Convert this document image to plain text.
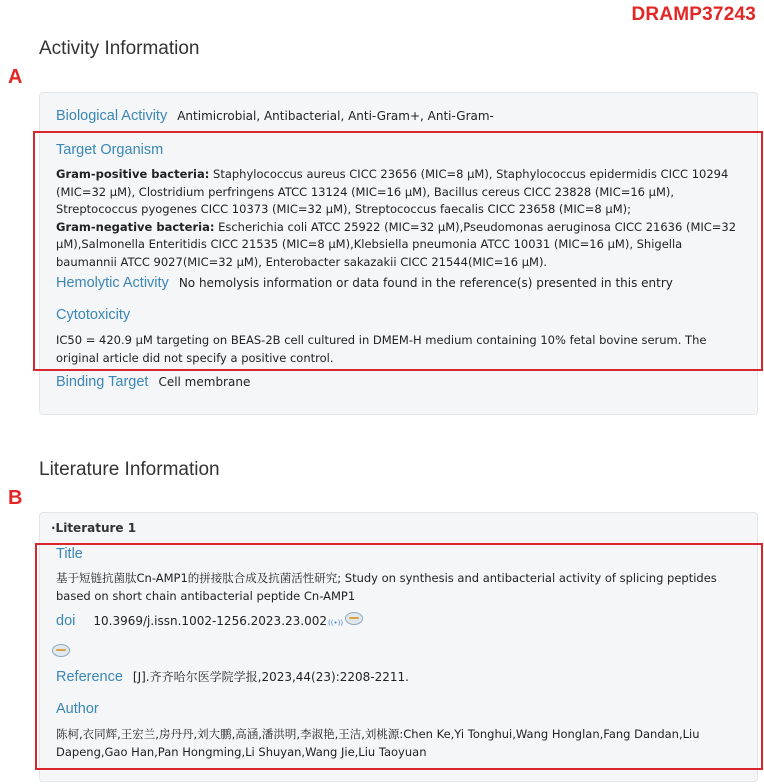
DRAMP37243
Activity Information
A
Biological Activity Antimicrobial, Antibacterial, Anti-Gram+, Anti-Gram-
Target Organism
Gram-positive bacteria: Staphylococcus aureus CICC 23656 (MIC=8 μM), Staphylococcus epidermidis CICC 10294 (MIC=32 μM), Clostridium perfringens ATCC 13124 (MIC=16 μM), Bacillus cereus CICC 23828 (MIC=16 μM), Streptococcus pyogenes CICC 10373 (MIC=32 μM), Streptococcus faecalis CICC 23658 (MIC=8 μM);
Gram-negative bacteria: Escherichia coli ATCC 25922 (MIC=32 μM),Pseudomonas aeruginosa CICC 21636 (MIC=32 μM),Salmonella Enteritidis CICC 21535 (MIC=8 μM),Klebsiella pneumonia ATCC 10031 (MIC=16 μM), Shigella baumannii ATCC 9027(MIC=32 μM), Enterobacter sakazakii CICC 21544(MIC=16 μM).
Hemolytic Activity No hemolysis information or data found in the reference(s) presented in this entry
Cytotoxicity
IC50 = 420.9 μM targeting on BEAS-2B cell cultured in DMEM-H medium containing 10% fetal bovine serum. The original article did not specify a positive control.
Binding Target Cell membrane
Literature Information
B
·Literature 1
Title
基于短链抗菌肽Cn-AMP1的拼接肽合成及抗菌活性研究; Study on synthesis and antibacterial activity of splicing peptides based on short chain antibacterial peptide Cn-AMP1
doi 10.3969/j.issn.1002-1256.2023.23.002 ((•))
Reference [J].齐齐哈尔医学院学报,2023,44(23):2208-2211.
Author
陈柯,衣同辉,王宏兰,房丹丹,刘大鹏,高涵,潘洪明,李淑艳,王洁,刘桃源:Chen Ke,Yi Tonghui,Wang Honglan,Fang Dandan,Liu Dapeng,Gao Han,Pan Hongming,Li Shuyan,Wang Jie,Liu Taoyuan
